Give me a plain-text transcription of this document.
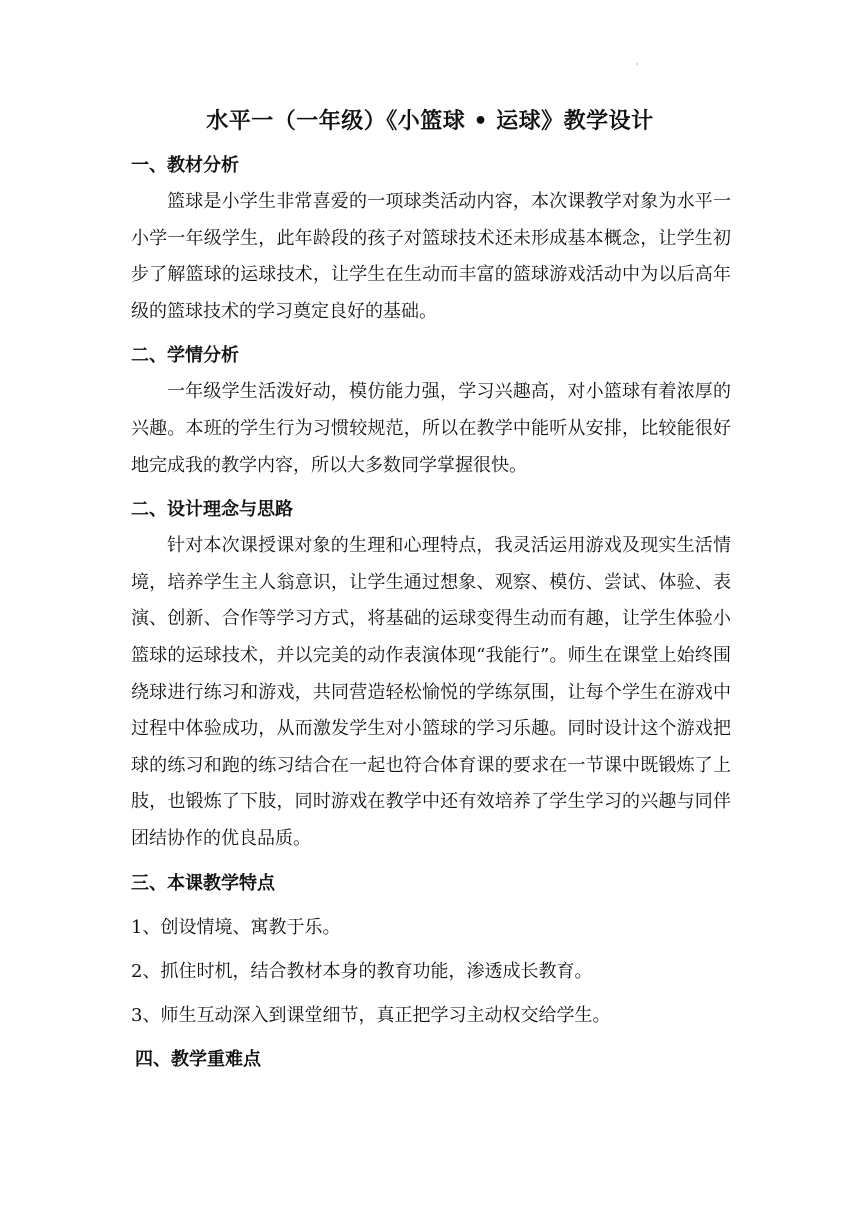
·
水平一（一年级）《小篮球 • 运球》教学设计
一、教材分析

篮球是小学生非常喜爱的一项球类活动内容，本次课教学对象为水平一小学一年级学生，此年龄段的孩子对篮球技术还未形成基本概念，让学生初步了解篮球的运球技术，让学生在生动而丰富的篮球游戏活动中为以后高年级的篮球技术的学习奠定良好的基础。

二、学情分析

一年级学生活泼好动，模仿能力强，学习兴趣高，对小篮球有着浓厚的兴趣。本班的学生行为习惯较规范，所以在教学中能听从安排，比较能很好地完成我的教学内容，所以大多数同学掌握很快。

二、设计理念与思路

针对本次课授课对象的生理和心理特点，我灵活运用游戏及现实生活情境，培养学生主人翁意识，让学生通过想象、观察、模仿、尝试、体验、表演、创新、合作等学习方式，将基础的运球变得生动而有趣，让学生体验小篮球的运球技术，并以完美的动作表演体现“我能行”。师生在课堂上始终围绕球进行练习和游戏，共同营造轻松愉悦的学练氛围，让每个学生在游戏中过程中体验成功，从而激发学生对小篮球的学习乐趣。同时设计这个游戏把球的练习和跑的练习结合在一起也符合体育课的要求在一节课中既锻炼了上肢，也锻炼了下肢，同时游戏在教学中还有效培养了学生学习的兴趣与同伴团结协作的优良品质。

三、本课教学特点
1、创设情境、寓教于乐。
2、抓住时机，结合教材本身的教育功能，渗透成长教育。
3、师生互动深入到课堂细节，真正把学习主动权交给学生。
四、教学重难点
